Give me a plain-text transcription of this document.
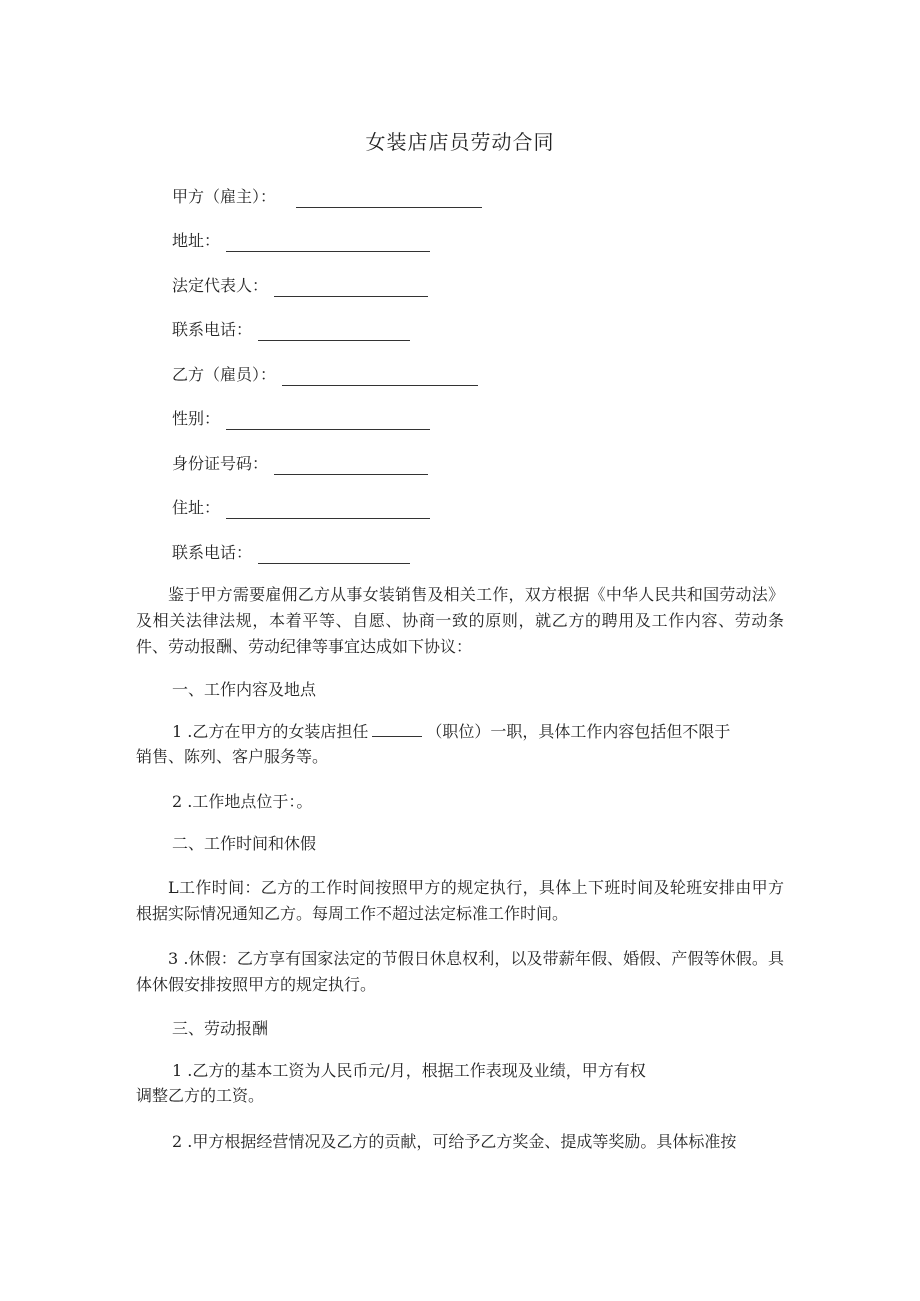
女装店店员劳动合同
甲方（雇主）：
地址：
法定代表人：
联系电话：
乙方（雇员）：
性别：
身份证号码：
住址：
联系电话：
鉴于甲方需要雇佣乙方从事女装销售及相关工作，双方根据《中华人民共和国劳动法》及相关法律法规，本着平等、自愿、协商一致的原则，就乙方的聘用及工作内容、劳动条件、劳动报酬、劳动纪律等事宜达成如下协议：
一、工作内容及地点
1 .乙方在甲方的女装店担任	（职位）一职，具体工作内容包括但不限于
销售、陈列、客户服务等。
2 .工作地点位于：。
二、工作时间和休假
L工作时间：乙方的工作时间按照甲方的规定执行，具体上下班时间及轮班安排由甲方根据实际情况通知乙方。每周工作不超过法定标准工作时间。
3 .休假：乙方享有国家法定的节假日休息权利，以及带薪年假、婚假、产假等休假。具体休假安排按照甲方的规定执行。
三、劳动报酬
1 .乙方的基本工资为人民币元/月，根据工作表现及业绩，甲方有权
调整乙方的工资。
2 .甲方根据经营情况及乙方的贡献，可给予乙方奖金、提成等奖励。具体标准按
